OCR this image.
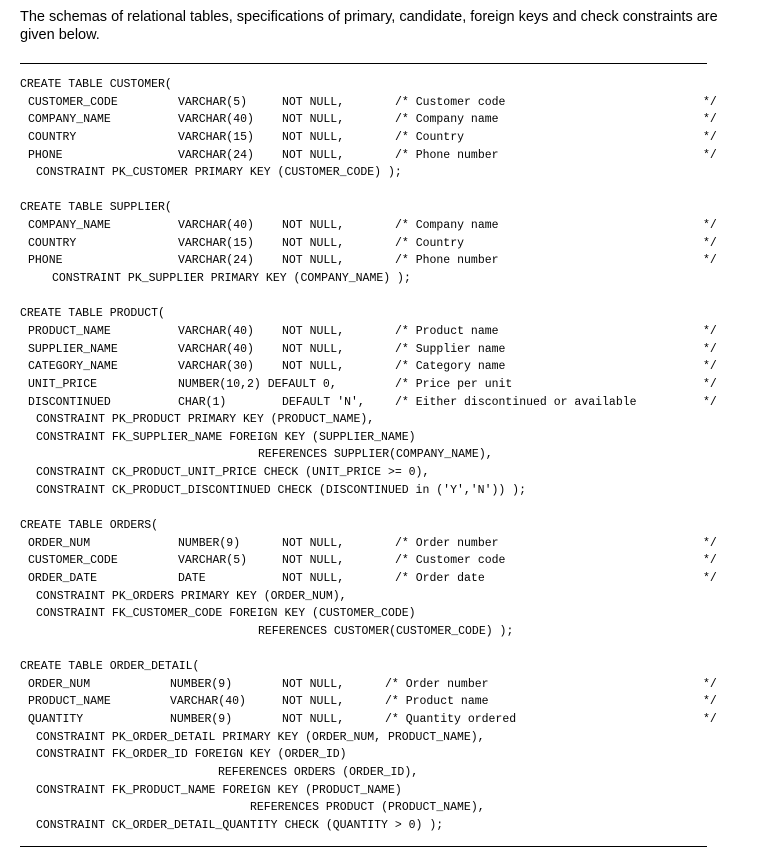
The schemas of relational tables, specifications of primary, candidate, foreign keys and check constraints are given below.
CREATE TABLE CUSTOMER(
CUSTOMER_CODE	VARCHAR(5)	NOT NULL,	/* Customer code	*/
COMPANY_NAME	VARCHAR(40) NOT NULL,	/* Company name	*/
COUNTRY	VARCHAR(15) NOT NULL,	/* Country	*/
PHONE	VARCHAR(24) NOT NULL,	/* Phone number	*/
CONSTRAINT PK_CUSTOMER PRIMARY KEY (CUSTOMER_CODE) );
CREATE TABLE SUPPLIER(
COMPANY_NAME	VARCHAR(40) NOT NULL,	/* Company name	*/
COUNTRY	VARCHAR(15) NOT NULL,	/* Country	*/
PHONE	VARCHAR(24) NOT NULL,	/* Phone number	*/
CONSTRAINT PK_SUPPLIER PRIMARY KEY (COMPANY_NAME) );
CREATE TABLE PRODUCT(
PRODUCT_NAME	VARCHAR(40) NOT NULL,	/* Product name	*/
SUPPLIER_NAME	VARCHAR(40) NOT NULL,	/* Supplier name	*/
CATEGORY_NAME	VARCHAR(30) NOT NULL,	/* Category name	*/
UNIT_PRICE	NUMBER(10,2) DEFAULT 0,	/* Price per unit	*/
DISCONTINUED	CHAR(1)	DEFAULT 'N',	/* Either discontinued or available	*/
CONSTRAINT PK_PRODUCT PRIMARY KEY (PRODUCT_NAME),
CONSTRAINT FK_SUPPLIER_NAME FOREIGN KEY (SUPPLIER_NAME)
REFERENCES SUPPLIER(COMPANY_NAME),
CONSTRAINT CK_PRODUCT_UNIT_PRICE CHECK (UNIT_PRICE >= 0),
CONSTRAINT CK_PRODUCT_DISCONTINUED CHECK (DISCONTINUED in ('Y','N')) );
CREATE TABLE ORDERS(
ORDER_NUM	NUMBER(9)	NOT NULL,	/* Order number	*/
CUSTOMER_CODE	VARCHAR(5)	NOT NULL,	/* Customer code	*/
ORDER_DATE	DATE	NOT NULL,	/* Order date	*/
CONSTRAINT PK_ORDERS PRIMARY KEY (ORDER_NUM),
CONSTRAINT FK_CUSTOMER_CODE FOREIGN KEY (CUSTOMER_CODE)
REFERENCES CUSTOMER(CUSTOMER_CODE) );
CREATE TABLE ORDER_DETAIL(
ORDER_NUM	NUMBER(9)	NOT NULL,	/* Order number	*/
PRODUCT_NAME	VARCHAR(40)	NOT NULL,	/* Product name	*/
QUANTITY	NUMBER(9)	NOT NULL,	/* Quantity ordered	*/
CONSTRAINT PK_ORDER_DETAIL PRIMARY KEY (ORDER_NUM, PRODUCT_NAME),
CONSTRAINT FK_ORDER_ID FOREIGN KEY (ORDER_ID)
REFERENCES ORDERS (ORDER_ID),
CONSTRAINT FK_PRODUCT_NAME FOREIGN KEY (PRODUCT_NAME)
REFERENCES PRODUCT (PRODUCT_NAME),
CONSTRAINT CK_ORDER_DETAIL_QUANTITY CHECK (QUANTITY > 0) );
